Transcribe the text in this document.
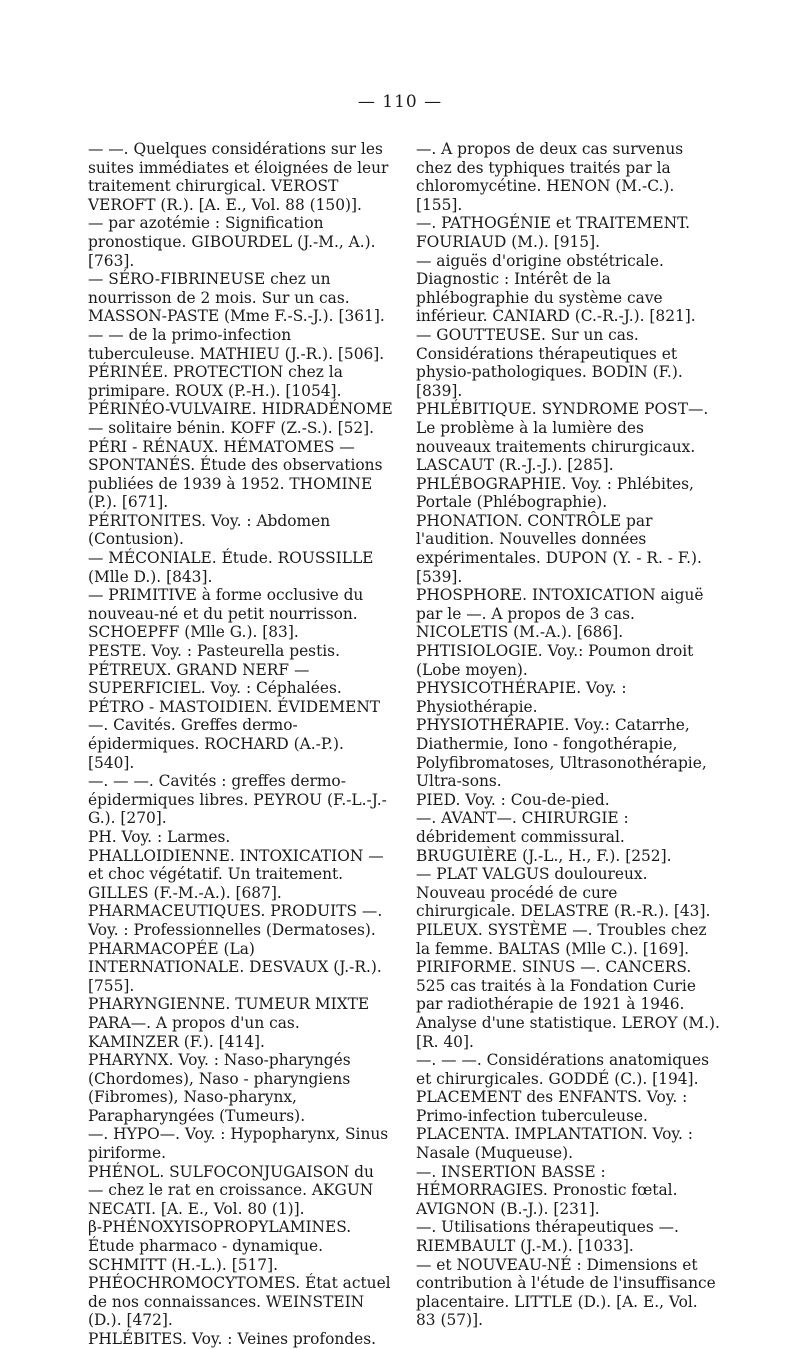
— 110 —

— —. Quelques considérations sur les suites immédiates et éloignées de leur traitement chirurgical. VEROST VEROFT (R.). [A. E., Vol. 88 (150)].

— par azotémie : Signification pronostique. GIBOURDEL (J.-M., A.). [763].

— SÉRO-FIBRINEUSE chez un nourrisson de 2 mois. Sur un cas. MASSON-PASTE (Mme F.-S.-J.). [361].

— — de la primo-infection tuberculeuse. MATHIEU (J.-R.). [506].

PÉRINÉE. PROTECTION chez la primipare. ROUX (P.-H.). [1054].

PÉRINÉO-VULVAIRE. HIDRADÉNOME — solitaire bénin. KOFF (Z.-S.). [52].

PÉRI - RÉNAUX. HÉMATOMES — SPONTANÉS. Étude des observations publiées de 1939 à 1952. THOMINE (P.). [671].

PÉRITONITES. Voy. : Abdomen (Contusion).

— MÉCONIALE. Étude. ROUSSILLE (Mlle D.). [843].

— PRIMITIVE à forme occlusive du nouveau-né et du petit nourrisson. SCHOEPFF (Mlle G.). [83].

PESTE. Voy. : Pasteurella pestis.

PÉTREUX. GRAND NERF — SUPERFICIEL. Voy. : Céphalées.

PÉTRO - MASTOIDIEN. ÉVIDEMENT —. Cavités. Greffes dermo-épidermiques. ROCHARD (A.-P.). [540].

—. — —. Cavités : greffes dermo-épidermiques libres. PEYROU (F.-L.-J.-G.). [270].

PH. Voy. : Larmes.

PHALLOIDIENNE. INTOXICATION — et choc végétatif. Un traitement. GILLES (F.-M.-A.). [687].

PHARMACEUTIQUES. PRODUITS —. Voy. : Professionnelles (Dermatoses).

PHARMACOPÉE (La) INTERNATIONALE. DESVAUX (J.-R.).[755].

PHARYNGIENNE. TUMEUR MIXTE PARA—. A propos d'un cas. KAMINZER (F.). [414].

PHARYNX. Voy. : Naso-pharyngés (Chordomes), Naso - pharyngiens (Fibromes), Naso-pharynx, Parapharyngées (Tumeurs).

—. HYPO—. Voy. : Hypopharynx, Sinus piriforme.

PHÉNOL. SULFOCONJUGAISON du — chez le rat en croissance. AKGUN NECATI. [A. E., Vol. 80 (1)].

β-PHÉNOXYISOPROPYLAMINES. Étude pharmaco - dynamique. SCHMITT (H.-L.). [517].

PHÉOCHROMOCYTOMES. État actuel de nos connaissances. WEINSTEIN (D.). [472].

PHLÉBITES. Voy. : Veines profondes.

—. A propos de deux cas survenus chez des typhiques traités par la chloromycétine. HENON (M.-C.). [155].

—. PATHOGÉNIE et TRAITEMENT. FOURIAUD (M.). [915].

— aiguës d'origine obstétricale. Diagnostic : Intérêt de la phlébographie du système cave inférieur. CANIARD (C.-R.-J.). [821].

— GOUTTEUSE. Sur un cas. Considérations thérapeutiques et physio-pathologiques. BODIN (F.). [839].

PHLÉBITIQUE. SYNDROME POST—. Le problème à la lumière des nouveaux traitements chirurgicaux. LASCAUT (R.-J.-J.). [285].

PHLÉBOGRAPHIE. Voy. : Phlébites, Portale (Phlébographie).

PHONATION. CONTRÔLE par l'audition. Nouvelles données expérimentales. DUPON (Y. - R. - F.). [539].

PHOSPHORE. INTOXICATION aiguë par le —. A propos de 3 cas. NICOLETIS (M.-A.). [686].

PHTISIOLOGIE. Voy.: Poumon droit (Lobe moyen).

PHYSICOTHÉRAPIE. Voy. : Physiothérapie.

PHYSIOTHÉRAPIE. Voy.: Catarrhe, Diathermie, Iono - fongothérapie, Polyfibromatoses, Ultrasonothérapie, Ultra-sons.

PIED. Voy. : Cou-de-pied.

—. AVANT—. CHIRURGIE : débridement commissural. BRUGUIÈRE (J.-L., H., F.). [252].

— PLAT VALGUS douloureux. Nouveau procédé de cure chirurgicale. DELASTRE (R.-R.). [43].

PILEUX. SYSTÈME —. Troubles chez la femme. BALTAS (Mlle C.). [169].

PIRIFORME. SINUS —. CANCERS. 525 cas traités à la Fondation Curie par radiothérapie de 1921 à 1946. Analyse d'une statistique. LEROY (M.). [R. 40].

—. — —. Considérations anatomiques et chirurgicales. GODDÉ (C.). [194].

PLACEMENT des ENFANTS. Voy. : Primo-infection tuberculeuse.

PLACENTA. IMPLANTATION. Voy. : Nasale (Muqueuse).

—. INSERTION BASSE : HÉMORRAGIES. Pronostic fœtal. AVIGNON (B.-J.). [231].

—. Utilisations thérapeutiques —. RIEMBAULT (J.-M.). [1033].

— et NOUVEAU-NÉ : Dimensions et contribution à l'étude de l'insuffisance placentaire. LITTLE (D.). [A. E., Vol. 83 (57)].
